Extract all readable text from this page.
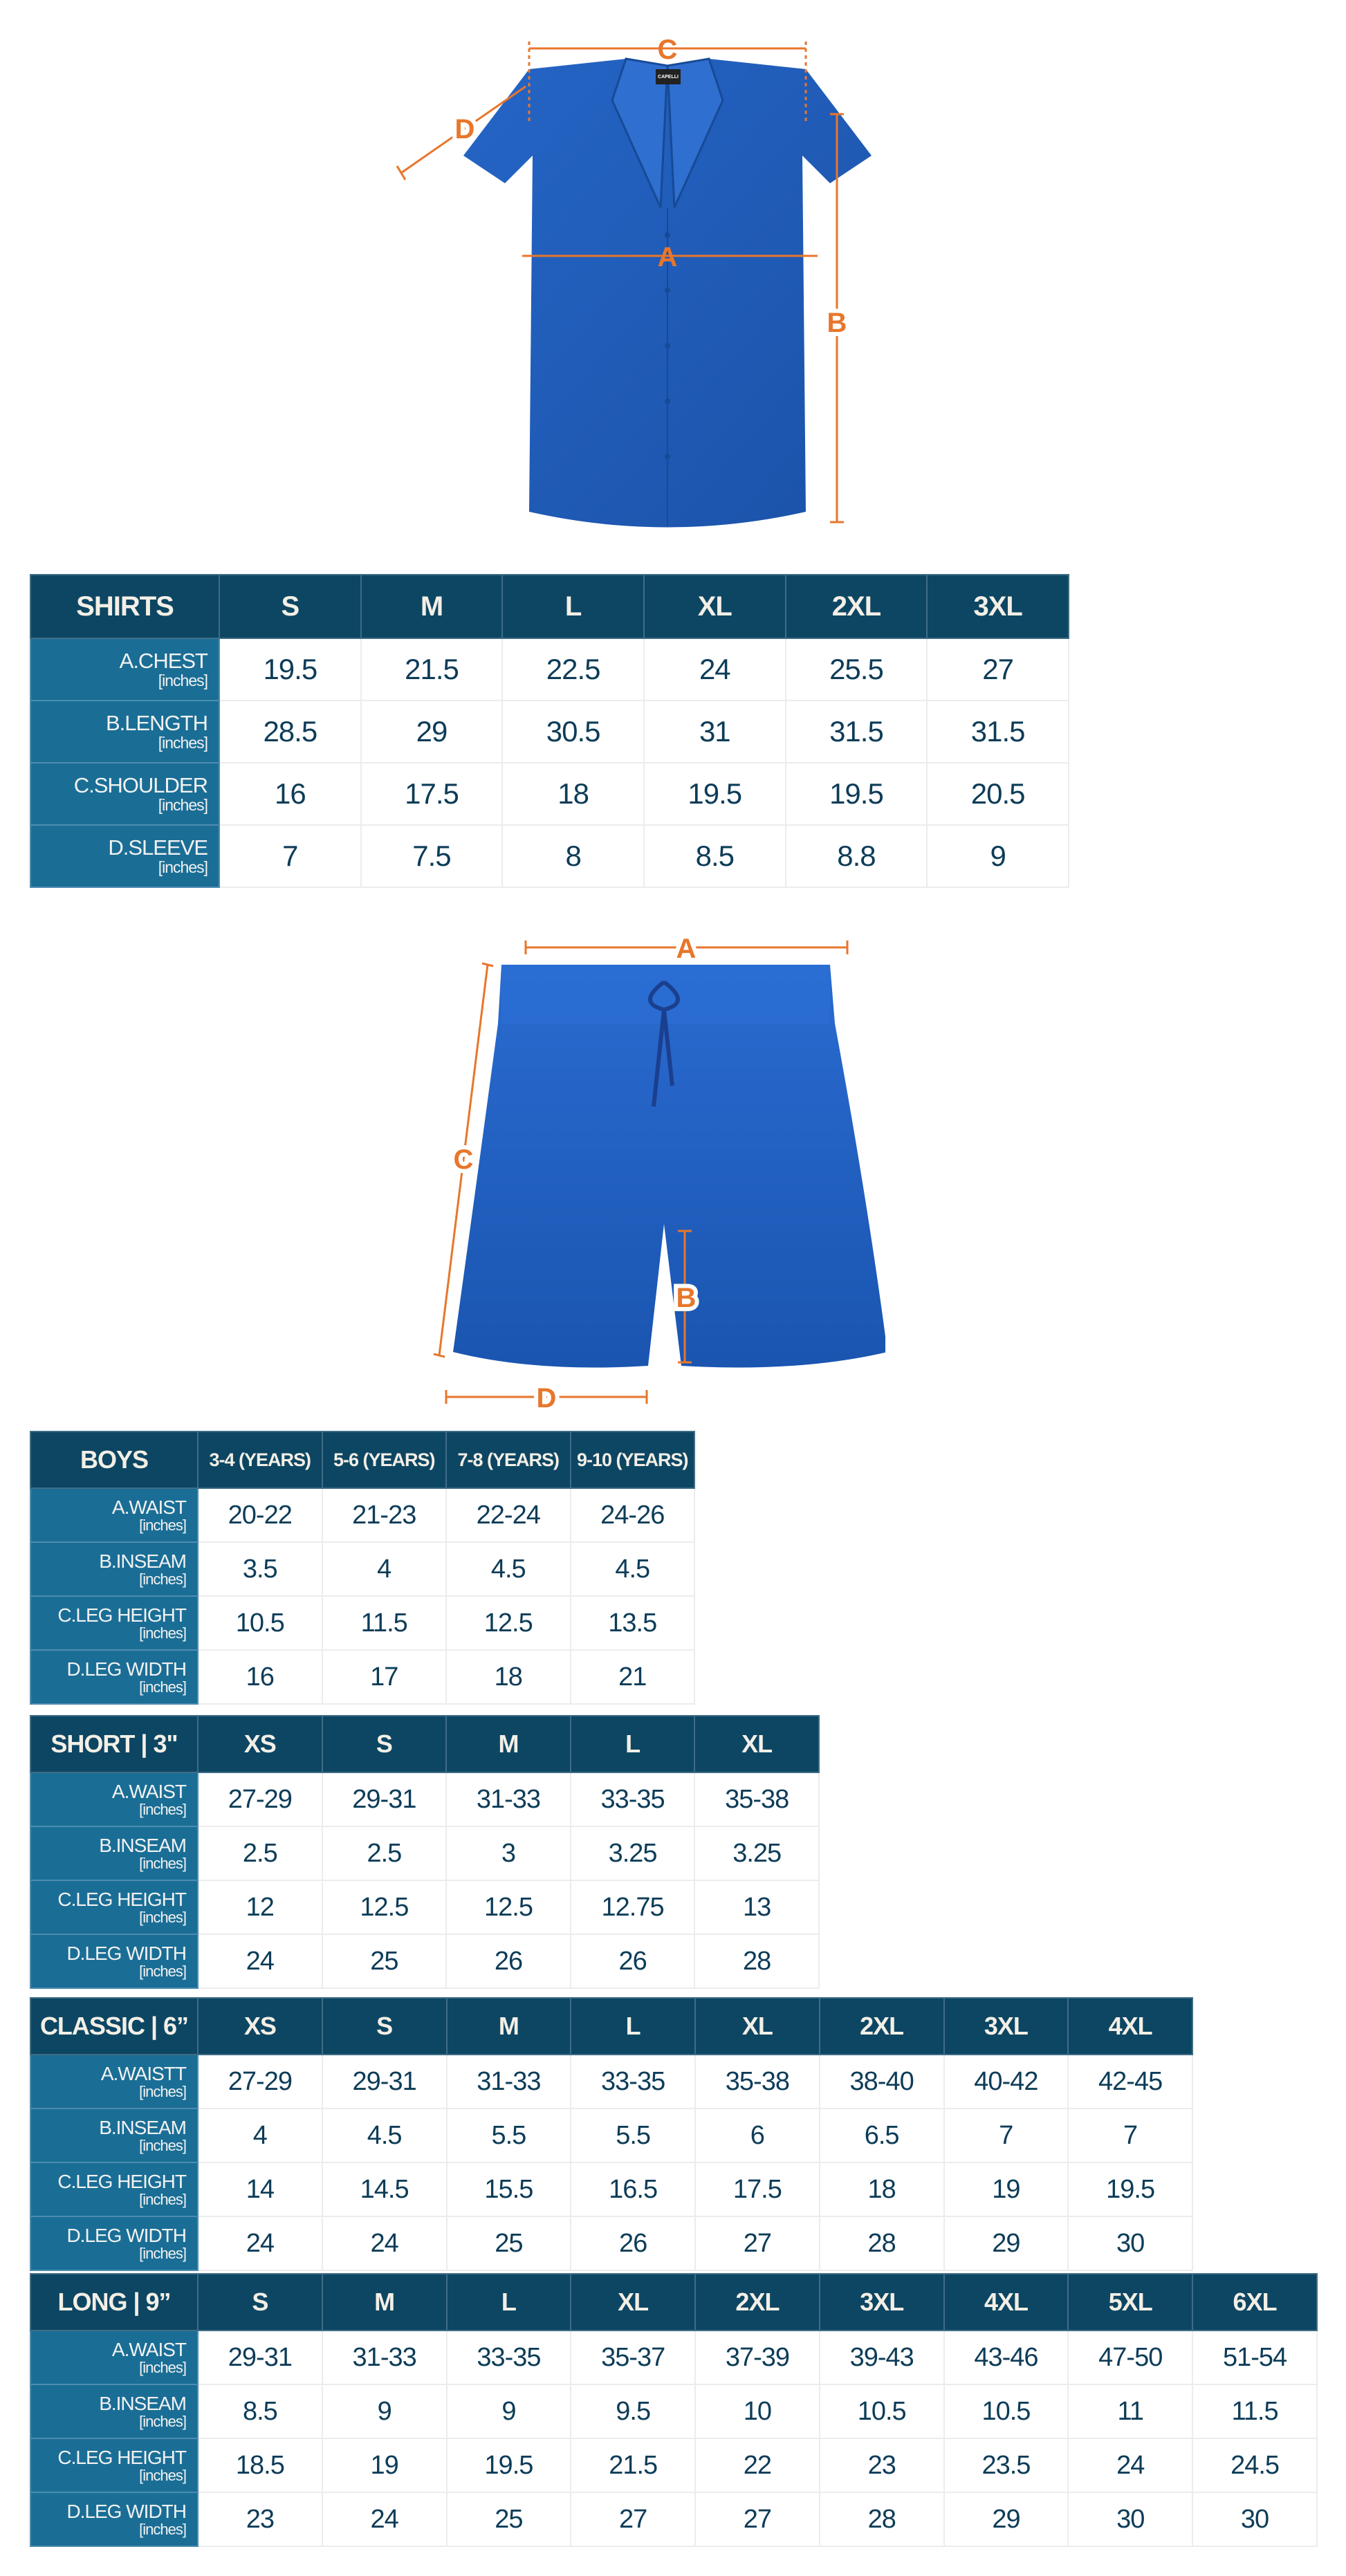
CAPELLI
C
A
B
D
SHIRTS	S	M	L	XL	2XL	3XL
A.CHEST
[inches]	19.5	21.5	22.5	24	25.5	27
B.LENGTH
[inches]	28.5	29	30.5	31	31.5	31.5
C.SHOULDER
[inches]	16	17.5	18	19.5	19.5	20.5
D.SLEEVE
[inches]	7	7.5	8	8.5	8.8	9
A
C
B
D
BOYS	3-4 (YEARS)	5-6 (YEARS)	7-8 (YEARS)	9-10 (YEARS)
A.WAIST
[inches]	20-22	21-23	22-24	24-26
B.INSEAM
[inches]	3.5	4	4.5	4.5
C.LEG HEIGHT
[inches]	10.5	11.5	12.5	13.5
D.LEG WIDTH
[inches]	16	17	18	21
SHORT | 3"	XS	S	M	L	XL
A.WAIST
[inches]	27-29	29-31	31-33	33-35	35-38
B.INSEAM
[inches]	2.5	2.5	3	3.25	3.25
C.LEG HEIGHT
[inches]	12	12.5	12.5	12.75	13
D.LEG WIDTH
[inches]	24	25	26	26	28
CLASSIC | 6”	XS	S	M	L	XL	2XL	3XL	4XL
A.WAISTT
[inches]	27-29	29-31	31-33	33-35	35-38	38-40	40-42	42-45
B.INSEAM
[inches]	4	4.5	5.5	5.5	6	6.5	7	7
C.LEG HEIGHT
[inches]	14	14.5	15.5	16.5	17.5	18	19	19.5
D.LEG WIDTH
[inches]	24	24	25	26	27	28	29	30
LONG | 9”	S	M	L	XL	2XL	3XL	4XL	5XL	6XL
A.WAIST
[inches]	29-31	31-33	33-35	35-37	37-39	39-43	43-46	47-50	51-54
B.INSEAM
[inches]	8.5	9	9	9.5	10	10.5	10.5	11	11.5
C.LEG HEIGHT
[inches]	18.5	19	19.5	21.5	22	23	23.5	24	24.5
D.LEG WIDTH
[inches]	23	24	25	27	27	28	29	30	30
